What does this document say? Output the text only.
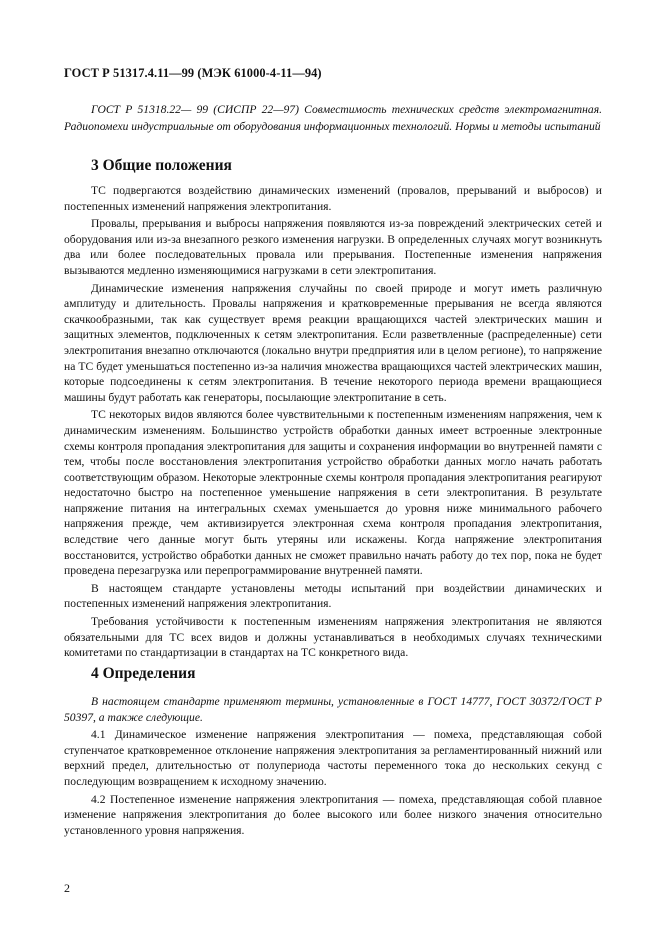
ГОСТ Р 51317.4.11—99 (МЭК 61000-4-11—94)
ГОСТ Р 51318.22— 99 (СИСПР 22—97) Совместимость технических средств электромагнитная. Радиопомехи индустриальные от оборудования информационных технологий. Нормы и методы испытаний
3 Общие положения

ТС подвергаются воздействию динамических изменений (провалов, прерываний и выбросов) и постепенных изменений напряжения электропитания.

Провалы, прерывания и выбросы напряжения появляются из-за повреждений электрических сетей и оборудования или из-за внезапного резкого изменения нагрузки. В определенных случаях могут возникнуть два или более последовательных провала или прерывания. Постепенные изменения напряжения вызываются медленно изменяющимися нагрузками в сети электропитания.

Динамические изменения напряжения случайны по своей природе и могут иметь различную амплитуду и длительность. Провалы напряжения и кратковременные прерывания не всегда являются скачкообразными, так как существует время реакции вращающихся частей электрических машин и защитных элементов, подключенных к сетям электропитания. Если разветвленные (распределенные) сети электропитания внезапно отключаются (локально внутри предприятия или в целом регионе), то напряжение на ТС будет уменьшаться постепенно из-за наличия множества вращающихся частей электрических машин, которые подсоединены к сетям электропитания. В течение некоторого периода времени вращающиеся машины будут работать как генераторы, посылающие электропитание в сеть.

ТС некоторых видов являются более чувствительными к постепенным изменениям напряжения, чем к динамическим изменениям. Большинство устройств обработки данных имеет встроенные электронные схемы контроля пропадания электропитания для защиты и сохранения информации во внутренней памяти с тем, чтобы после восстановления электропитания устройство обработки данных могло начать работать соответствующим образом. Некоторые электронные схемы контроля пропадания электропитания реагируют недостаточно быстро на постепенное уменьшение напряжения в сети электропитания. В результате напряжение питания на интегральных схемах уменьшается до уровня ниже минимального рабочего напряжения прежде, чем активизируется электронная схема контроля пропадания электропитания, вследствие чего данные могут быть утеряны или искажены. Когда напряжение электропитания восстановится, устройство обработки данных не сможет правильно начать работу до тех пор, пока не будет проведена перезагрузка или перепрограммирование внутренней памяти.

В настоящем стандарте установлены методы испытаний при воздействии динамических и постепенных изменений напряжения электропитания.

Требования устойчивости к постепенным изменениям напряжения электропитания не являются обязательными для ТС всех видов и должны устанавливаться в необходимых случаях техническими комитетами по стандартизации в стандартах на ТС конкретного вида.

4 Определения

В настоящем стандарте применяют термины, установленные в ГОСТ 14777, ГОСТ 30372/ГОСТ Р 50397, а также следующие.

4.1 Динамическое изменение напряжения электропитания — помеха, представляющая собой ступенчатое кратковременное отклонение напряжения электропитания за регламентированный нижний или верхний предел, длительностью от полупериода частоты переменного тока до нескольких секунд с последующим возвращением к исходному значению.

4.2 Постепенное изменение напряжения электропитания — помеха, представляющая собой плавное изменение напряжения электропитания до более высокого или более низкого значения относительно установленного уровня напряжения.

2
